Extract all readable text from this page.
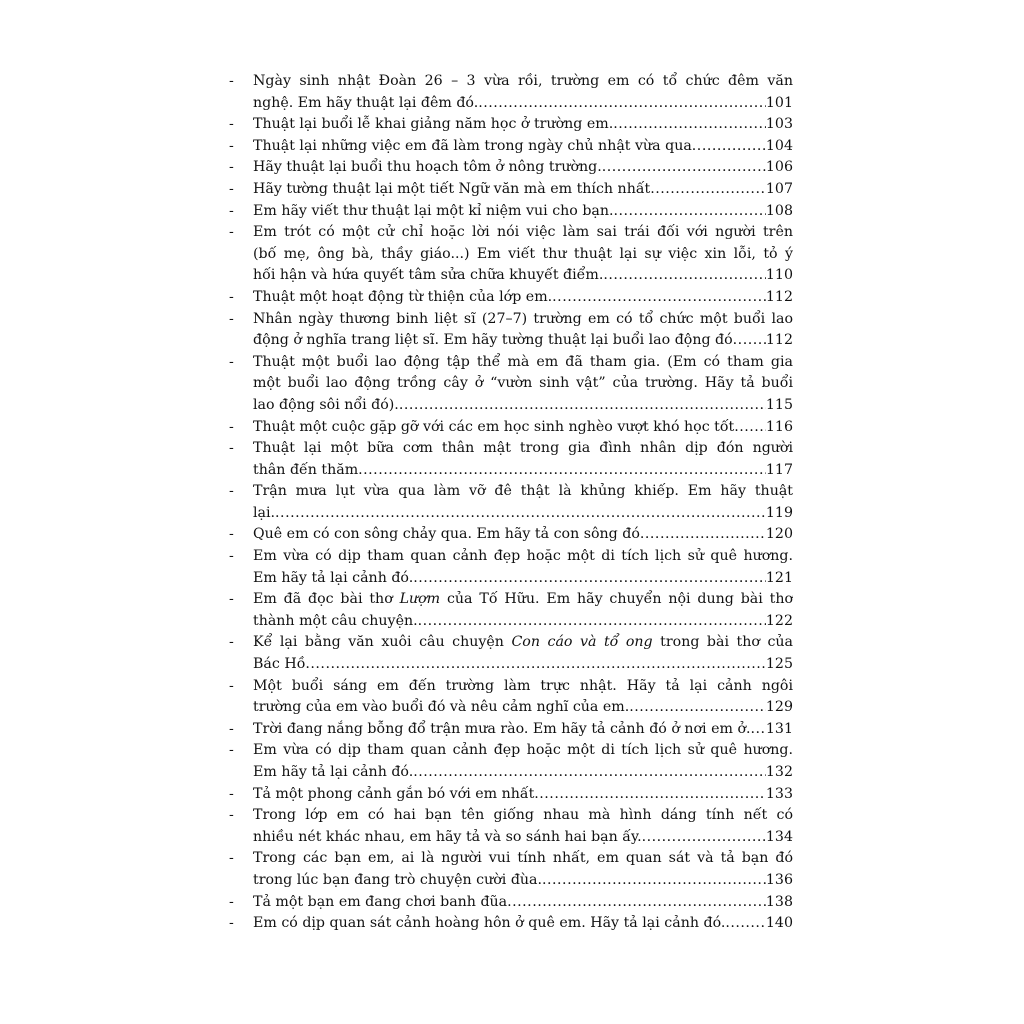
- Ngày sinh nhật Đoàn 26 – 3 vừa rồi, trường em có tổ chức đêm văn
nghệ. Em hãy thuật lại đêm đó. .....	101
- Thuật lại buổi lễ khai giảng năm học ở trường em. .....	103
- Thuật lại những việc em đã làm trong ngày chủ nhật vừa qua .....	104
- Hãy thuật lại buổi thu hoạch tôm ở nông trường. .....	106
- Hãy tường thuật lại một tiết Ngữ văn mà em thích nhất .....	107
- Em hãy viết thư thuật lại một kỉ niệm vui cho bạn. .....	108
- Em trót có một cử chỉ hoặc lời nói việc làm sai trái đối với người trên
(bố mẹ, ông bà, thầy giáo...) Em viết thư thuật lại sự việc xin lỗi, tỏ ý
hối hận và hứa quyết tâm sửa chữa khuyết điểm. .....	110
- Thuật một hoạt động từ thiện của lớp em. .....	112
- Nhân ngày thương binh liệt sĩ (27–7) trường em có tổ chức một buổi lao
động ở nghĩa trang liệt sĩ. Em hãy tường thuật lại buổi lao động đó ..... 112
- Thuật một buổi lao động tập thể mà em đã tham gia. (Em có tham gia
một buổi lao động trồng cây ở “vườn sinh vật” của trường. Hãy tả buổi
lao động sôi nổi đó). .....	115
- Thuật một cuộc gặp gỡ với các em học sinh nghèo vượt khó học tốt ..... 116
- Thuật lại một bữa cơm thân mật trong gia đình nhân dịp đón người
thân đến thăm .....	117
- Trận mưa lụt vừa qua làm vỡ đê thật là khủng khiếp. Em hãy thuật
lại. .....	119
- Quê em có con sông chảy qua. Em hãy tả con sông đó .....	120
- Em vừa có dịp tham quan cảnh đẹp hoặc một di tích lịch sử quê hương.
Em hãy tả lại cảnh đó. .....	121
- Em đã đọc bài thơ Lượm của Tố Hữu. Em hãy chuyển nội dung bài thơ
thành một câu chuyện. .....	122
- Kể lại bằng văn xuôi câu chuyện Con cáo và tổ ong trong bài thơ của
Bác Hồ .....	125
- Một buổi sáng em đến trường làm trực nhật. Hãy tả lại cảnh ngôi
trường của em vào buổi đó và nêu cảm nghĩ của em. .....	129
- Trời đang nắng bỗng đổ trận mưa rào. Em hãy tả cảnh đó ở nơi em ở. ..... 131
- Em vừa có dịp tham quan cảnh đẹp hoặc một di tích lịch sử quê hương.
Em hãy tả lại cảnh đó. .....	132
- Tả một phong cảnh gắn bó với em nhất .....	133
- Trong lớp em có hai bạn tên giống nhau mà hình dáng tính nết có
nhiều nét khác nhau, em hãy tả và so sánh hai bạn ấy. .....	134
- Trong các bạn em, ai là người vui tính nhất, em quan sát và tả bạn đó
trong lúc bạn đang trò chuyện cười đùa. .....	136
- Tả một bạn em đang chơi banh đũa .....	138
- Em có dịp quan sát cảnh hoàng hôn ở quê em. Hãy tả lại cảnh đó. .....	140
